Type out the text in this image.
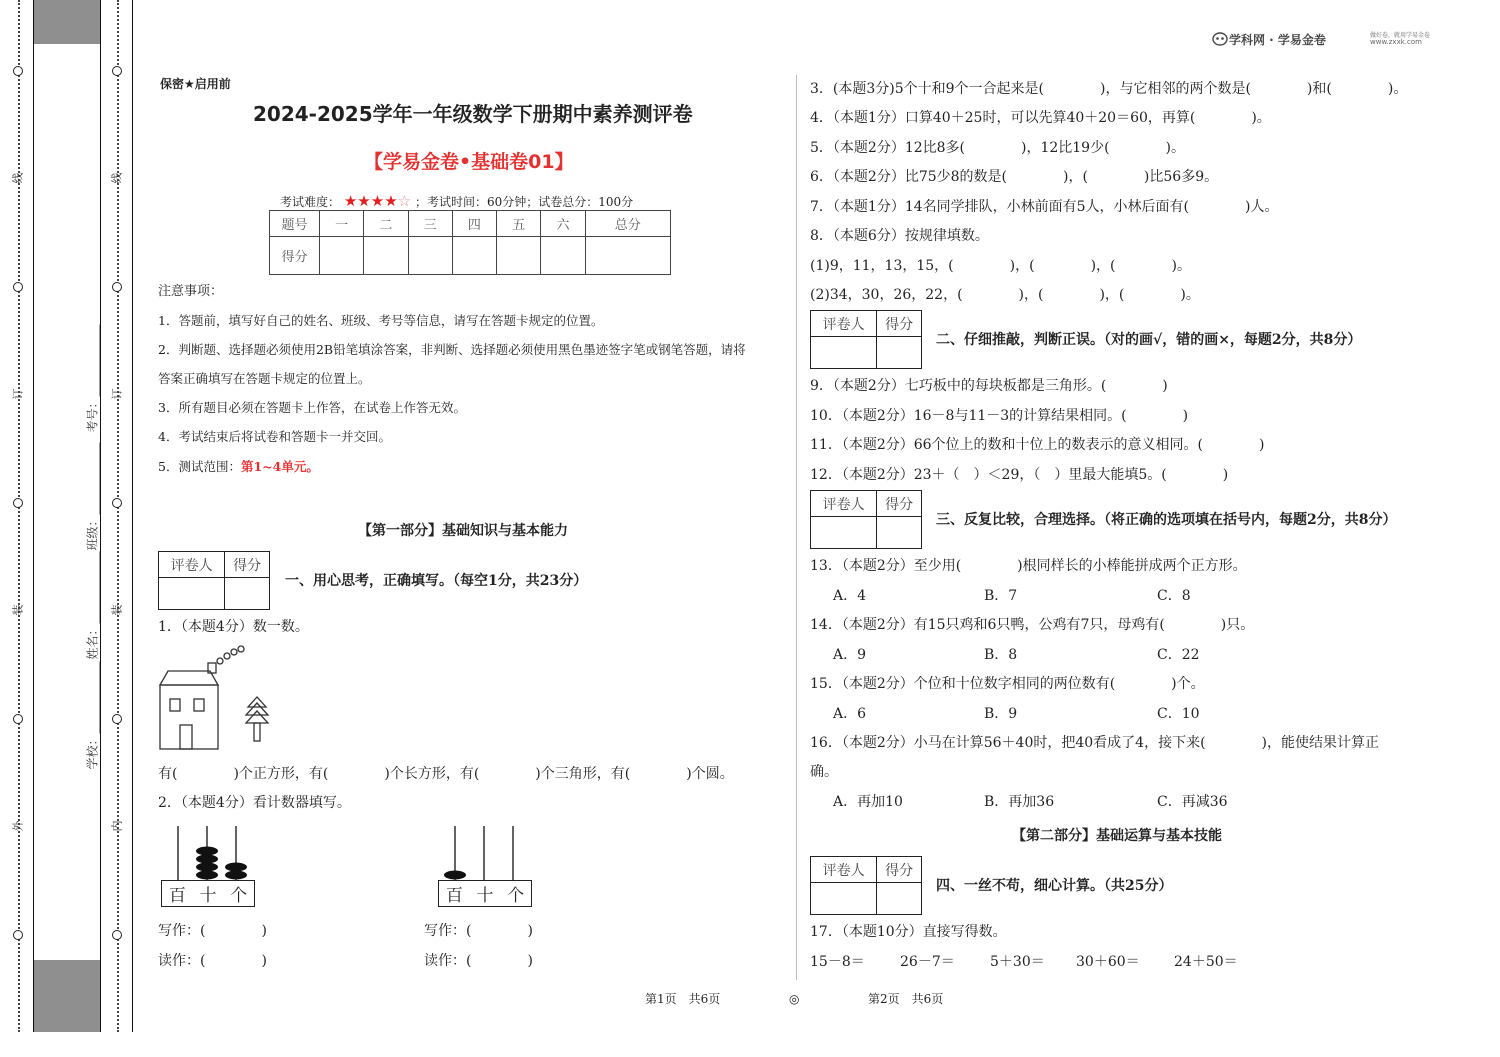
线
订
装
外
线
订
装
内
考号：____________
班级：____________
姓名：____________
学校：____________
学科网 · 学易金卷	做好卷，就用学易金卷
www.zxxk.com
保密★启用前
2024-2025学年一年级数学下册期中素养测评卷
【学易金卷•基础卷01】
考试难度： ★★★★☆ ；考试时间：60分钟；试卷总分：100分
题号	一	二	三	四	五	六	总分
得分							
注意事项：
1．答题前，填写好自己的姓名、班级、考号等信息，请写在答题卡规定的位置。
2．判断题、选择题必须使用2B铅笔填涂答案，非判断、选择题必须使用黑色墨迹签字笔或钢笔答题，请将
答案正确填写在答题卡规定的位置上。
3．所有题目必须在答题卡上作答，在试卷上作答无效。
4．考试结束后将试卷和答题卡一并交回。
5．测试范围：第1~4单元。
【第一部分】基础知识与基本能力
评卷人	得分

一、用心思考，正确填写。（每空1分，共23分）
1．（本题4分）数一数。
有(　　　　)个正方形，有(　　　　)个长方形，有(　　　　)个三角形，有(　　　　)个圆。
2．（本题4分）看计数器填写。
百 十 个	百 十 个
写作：(　　　　)
读作：(　　　　)
写作：(　　　　)
读作：(　　　　)
第1页　共6页	◎	第2页　共6页
3．(本题3分)5个十和9个一合起来是(　　　　)，与它相邻的两个数是(　　　　)和(　　　　)。
4．（本题1分）口算40＋25时，可以先算40＋20＝60，再算(　　　　)。
5．（本题2分）12比8多(　　　　)，12比19少(　　　　)。
6．（本题2分）比75少8的数是(　　　　)，(　　　　)比56多9。
7．（本题1分）14名同学排队，小林前面有5人，小林后面有(　　　　)人。
8．（本题6分）按规律填数。
(1)9，11，13，15，(　　　　)，(　　　　)，(　　　　)。
(2)34，30，26，22，(　　　　)，(　　　　)，(　　　　)。
评卷人	得分

二、仔细推敲，判断正误。（对的画√，错的画×，每题2分，共8分）
9．（本题2分）七巧板中的每块板都是三角形。(　　　　)
10．（本题2分）16－8与11－3的计算结果相同。(　　　　)
11．（本题2分）66个位上的数和十位上的数表示的意义相同。(　　　　)
12．（本题2分）23＋（　）＜29，（　）里最大能填5。(　　　　)
评卷人	得分

三、反复比较，合理选择。（将正确的选项填在括号内，每题2分，共8分）
13．（本题2分）至少用(　　　　)根同样长的小棒能拼成两个正方形。
A．4	B．7	C．8
14．（本题2分）有15只鸡和6只鸭，公鸡有7只，母鸡有(　　　　)只。
A．9	B．8	C．22
15．（本题2分）个位和十位数字相同的两位数有(　　　　)个。
A．6	B．9	C．10
16．（本题2分）小马在计算56＋40时，把40看成了4，接下来(　　　　)，能使结果计算正
确。
A．再加10	B．再加36	C．再减36
【第二部分】基础运算与基本技能
评卷人	得分

四、一丝不苟，细心计算。（共25分）
17．（本题10分）直接写得数。
15－8＝	26－7＝	5＋30＝ 30＋60＝ 24＋50＝
